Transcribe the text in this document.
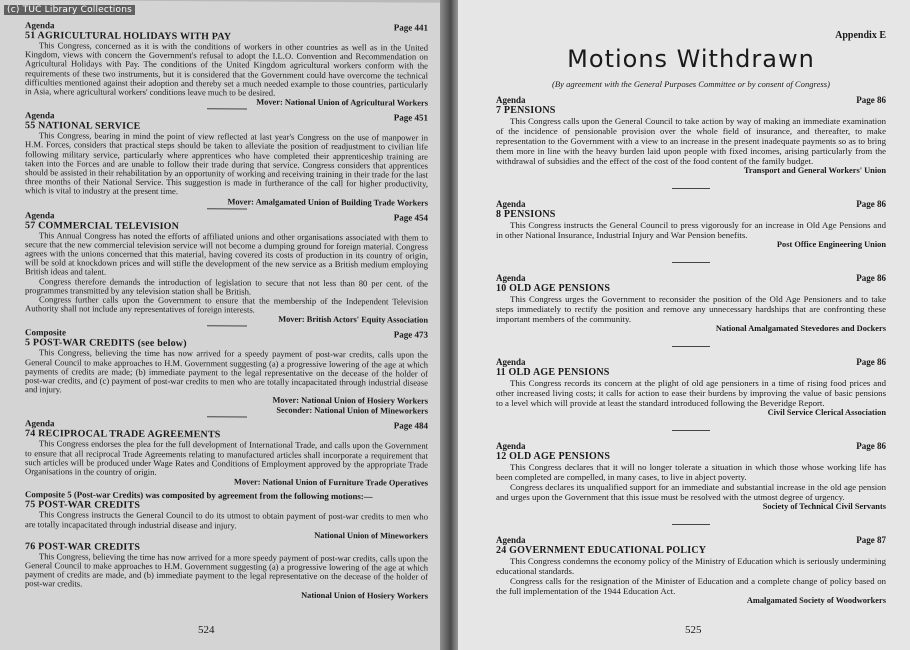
(c) TUC Library Collections
Agenda	Page 441
51 AGRICULTURAL HOLIDAYS WITH PAY
This Congress, concerned as it is with the conditions of workers in other countries as well as in the United Kingdom, views with concern the Government's refusal to adopt the I.L.O. Convention and Recommendation on Agricultural Holidays with Pay. The conditions of the United Kingdom agricultural workers conform with the requirements of these two instruments, but it is considered that the Government could have overcome the technical difficulties mentioned against their adoption and thereby set a much needed example to those countries, particularly in Asia, where agricultural workers' conditions leave much to be desired.
Mover: National Union of Agricultural Workers
Agenda	Page 451
55 NATIONAL SERVICE
This Congress, bearing in mind the point of view reflected at last year's Congress on the use of manpower in H.M. Forces, considers that practical steps should be taken to alleviate the position of readjustment to civilian life following military service, particularly where apprentices who have completed their apprenticeship training are taken into the Forces and are unable to follow their trade during that service. Congress considers that apprentices should be assisted in their rehabilitation by an opportunity of working and receiving training in their trade for the last three months of their National Service. This suggestion is made in furtherance of the call for higher productivity, which is vital to industry at the present time.
Mover: Amalgamated Union of Building Trade Workers
Agenda	Page 454
57 COMMERCIAL TELEVISION
This Annual Congress has noted the efforts of affiliated unions and other organisations associated with them to secure that the new commercial television service will not become a dumping ground for foreign material. Congress agrees with the unions concerned that this material, having covered its costs of production in its country of origin, will be sold at knockdown prices and will stifle the development of the new service as a British medium employing British ideas and talent.
Congress therefore demands the introduction of legislation to secure that not less than 80 per cent. of the programmes transmitted by any television station shall be British.
Congress further calls upon the Government to ensure that the membership of the Independent Television Authority shall not include any representatives of foreign interests.
Mover: British Actors' Equity Association
Composite	Page 473
5 POST-WAR CREDITS (see below)
This Congress, believing the time has now arrived for a speedy payment of post-war credits, calls upon the General Council to make approaches to H.M. Government suggesting (a) a progressive lowering of the age at which payments of credits are made; (b) immediate payment to the legal representative on the decease of the holder of post-war credits, and (c) payment of post-war credits to men who are totally incapacitated through industrial disease and injury.
Mover: National Union of Hosiery Workers
Seconder: National Union of Mineworkers
Agenda	Page 484
74 RECIPROCAL TRADE AGREEMENTS
This Congress endorses the plea for the full development of International Trade, and calls upon the Government to ensure that all reciprocal Trade Agreements relating to manufactured articles shall incorporate a requirement that such articles will be produced under Wage Rates and Conditions of Employment approved by the appropriate Trade Organisations in the country of origin.
Mover: National Union of Furniture Trade Operatives
Composite 5 (Post-war Credits) was composited by agreement from the following motions:—
75 POST-WAR CREDITS
This Congress instructs the General Council to do its utmost to obtain payment of post-war credits to men who are totally incapacitated through industrial disease and injury.
National Union of Mineworkers
76 POST-WAR CREDITS
This Congress, believing the time has now arrived for a more speedy payment of post-war credits, calls upon the General Council to make approaches to H.M. Government suggesting (a) a progressive lowering of the age at which payment of credits are made, and (b) immediate payment to the legal representative on the decease of the holder of post-war credits.
National Union of Hosiery Workers
Appendix E
Motions Withdrawn
(By agreement with the General Purposes Committee or by consent of Congress)
Agenda	Page 86
7 PENSIONS
This Congress calls upon the General Council to take action by way of making an immediate examination of the incidence of pensionable provision over the whole field of insurance, and thereafter, to make representation to the Government with a view to an increase in the present inadequate payments so as to bring them more in line with the heavy burden laid upon people with fixed incomes, arising particularly from the withdrawal of subsidies and the effect of the cost of the food content of the family budget.
Transport and General Workers' Union
Agenda	Page 86
8 PENSIONS
This Congress instructs the General Council to press vigorously for an increase in Old Age Pensions and in other National Insurance, Industrial Injury and War Pension benefits.
Post Office Engineering Union
Agenda	Page 86
10 OLD AGE PENSIONS
This Congress urges the Government to reconsider the position of the Old Age Pensioners and to take steps immediately to rectify the position and remove any unnecessary hardships that are confronting these important members of the community.
National Amalgamated Stevedores and Dockers
Agenda	Page 86
11 OLD AGE PENSIONS
This Congress records its concern at the plight of old age pensioners in a time of rising food prices and other increased living costs; it calls for action to ease their burdens by improving the value of basic pensions to a level which will provide at least the standard introduced following the Beveridge Report.
Civil Service Clerical Association
Agenda	Page 86
12 OLD AGE PENSIONS
This Congress declares that it will no longer tolerate a situation in which those whose working life has been completed are compelled, in many cases, to live in abject poverty.
Congress declares its unqualified support for an immediate and substantial increase in the old age pension and urges upon the Government that this issue must be resolved with the utmost degree of urgency.
Society of Technical Civil Servants
Agenda	Page 87
24 GOVERNMENT EDUCATIONAL POLICY
This Congress condemns the economy policy of the Ministry of Education which is seriously undermining educational standards.
Congress calls for the resignation of the Minister of Education and a complete change of policy based on the full implementation of the 1944 Education Act.
Amalgamated Society of Woodworkers
524	525
